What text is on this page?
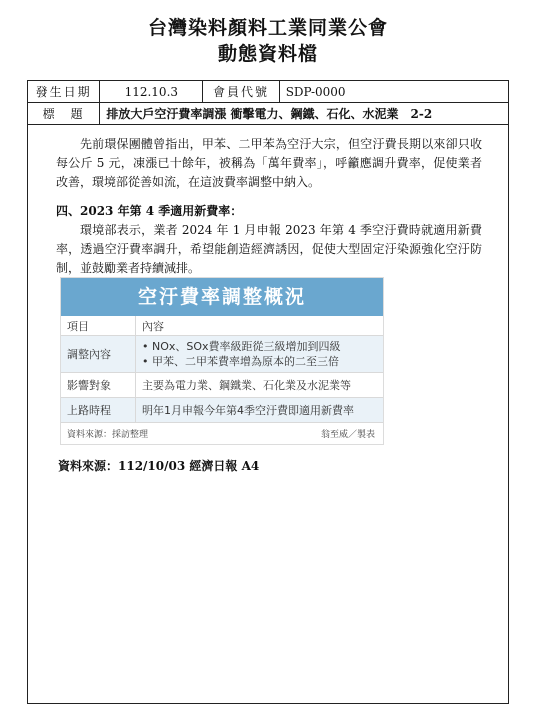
台灣染料顏料工業同業公會
動態資料檔
發生日期	112.10.3	會員代號	SDP-0000
標　題	排放大戶空汙費率調漲 衝擊電力、鋼鐵、石化、水泥業　2-2		

先前環保團體曾指出，甲苯、二甲苯為空汙大宗，但空汙費長期以來卻只收每公斤 5 元，凍漲已十餘年，被稱為「萬年費率」，呼籲應調升費率，促使業者改善，環境部從善如流，在這波費率調整中納入。

四、2023 年第 4 季適用新費率：

環境部表示，業者 2024 年 1 月申報 2023 年第 4 季空汙費時就適用新費率，透過空汙費率調升，希望能創造經濟誘因，促使大型固定汙染源強化空汙防制，並鼓勵業者持續減排。

空汙費率調整概況
項目	內容
調整內容	• NOx、SOx費率級距從三級增加到四級
• 甲苯、二甲苯費率增為原本的二至三倍

影響對象	主要為電力業、鋼鐵業、石化業及水泥業等
上路時程	明年1月申報今年第4季空汙費即適用新費率
資料來源：採訪整理	翁至威／製表
資料來源：112/10/03 經濟日報 A4
